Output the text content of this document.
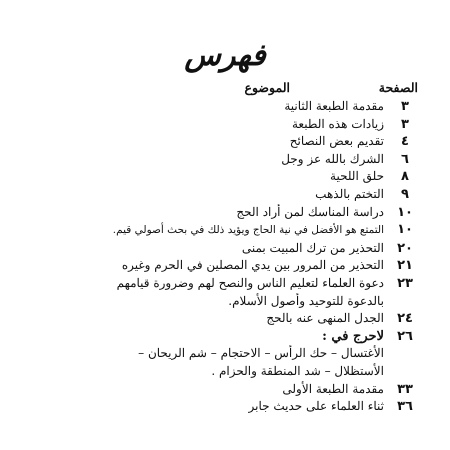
فهرس
الصفحة
الموضوع
٣
مقدمة الطبعة الثانية
٣
زيادات هذه الطبعة
٤
تقديم بعض النصائح
٦
الشرك بالله عز وجل
٨
حلق اللحية
٩
التختم بالذهب
١٠
دراسة المناسك لمن أراد الحج
١٠
التمتع هو الأفضل في نية الحاج ويؤيد ذلك في بحث أصولي قيم.
٢٠
التحذير من ترك المبيت بمنى
٢١
التحذير من المرور بين يدي المصلين في الحرم وغيره
٢٣
دعوة العلماء لتعليم الناس والنصح لهم وضرورة قيامهم
بالدعوة للتوحيد وأصول الأسلام.
٢٤
الجدل المنهى عنه بالحج
٢٦
لاحرج في :
الأغتسال – حك الرأس – الاحتجام – شم الريحان –
الأستظلال – شد المنطقة والحزام .
٣٣
مقدمة الطبعة الأولى
٣٦
ثناء العلماء على حديث جابر
